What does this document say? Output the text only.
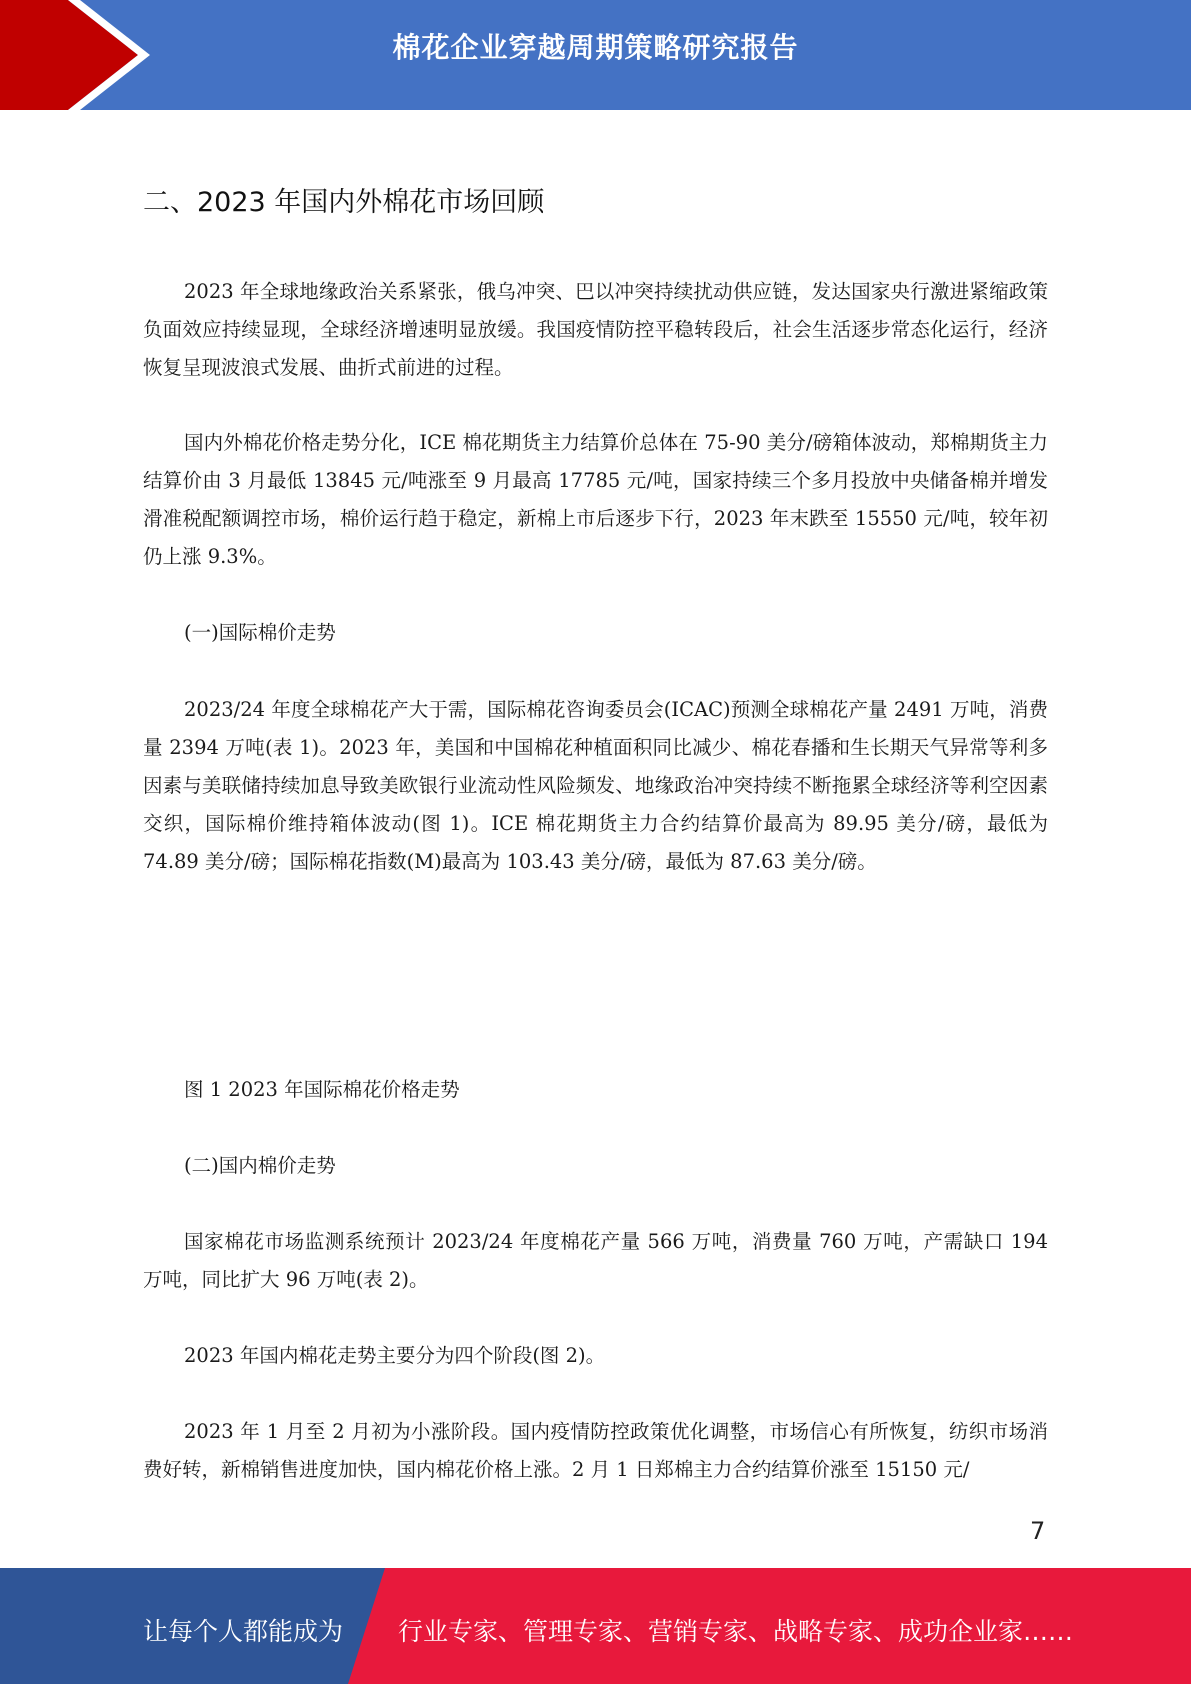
棉花企业穿越周期策略研究报告
二、2023 年国内外棉花市场回顾

2023 年全球地缘政治关系紧张，俄乌冲突、巴以冲突持续扰动供应链，发达国家央行激进紧缩政策负面效应持续显现，全球经济增速明显放缓。我国疫情防控平稳转段后，社会生活逐步常态化运行，经济恢复呈现波浪式发展、曲折式前进的过程。

国内外棉花价格走势分化，ICE 棉花期货主力结算价总体在 75-90 美分/磅箱体波动，郑棉期货主力结算价由 3 月最低 13845 元/吨涨至 9 月最高 17785 元/吨，国家持续三个多月投放中央储备棉并增发滑准税配额调控市场，棉价运行趋于稳定，新棉上市后逐步下行，2023 年末跌至 15550 元/吨，较年初仍上涨 9.3%。

(一)国际棉价走势

2023/24 年度全球棉花产大于需，国际棉花咨询委员会(ICAC)预测全球棉花产量 2491 万吨，消费量 2394 万吨(表 1)。2023 年，美国和中国棉花种植面积同比减少、棉花春播和生长期天气异常等利多因素与美联储持续加息导致美欧银行业流动性风险频发、地缘政治冲突持续不断拖累全球经济等利空因素交织，国际棉价维持箱体波动(图 1)。ICE 棉花期货主力合约结算价最高为 89.95 美分/磅，最低为 74.89 美分/磅；国际棉花指数(M)最高为 103.43 美分/磅，最低为 87.63 美分/磅。

图 1 2023 年国际棉花价格走势
(二)国内棉价走势

国家棉花市场监测系统预计 2023/24 年度棉花产量 566 万吨，消费量 760 万吨，产需缺口 194 万吨，同比扩大 96 万吨(表 2)。

2023 年国内棉花走势主要分为四个阶段(图 2)。

2023 年 1 月至 2 月初为小涨阶段。国内疫情防控政策优化调整，市场信心有所恢复，纺织市场消费好转，新棉销售进度加快，国内棉花价格上涨。2 月 1 日郑棉主力合约结算价涨至 15150 元/

7
让每个人都能成为 行业专家、管理专家、营销专家、战略专家、成功企业家……
